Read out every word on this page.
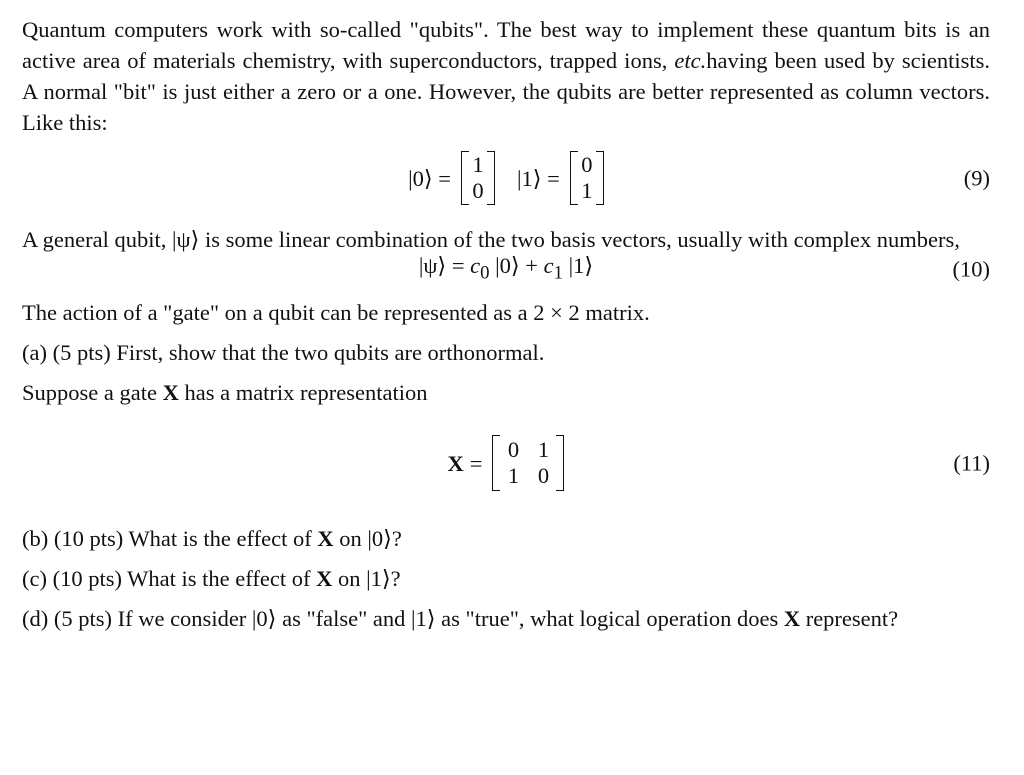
Quantum computers work with so-called "qubits". The best way to implement these quantum bits is an active area of materials chemistry, with superconductors, trapped ions, etc.having been used by scientists. A normal "bit" is just either a zero or a one. However, the qubits are better represented as column vectors. Like this:

|0⟩ =
1
0 |1⟩ =
0
1	(9)

A general qubit, |ψ⟩ is some linear combination of the two basis vectors, usually with complex numbers,

|ψ⟩ = $c_0$ |0⟩ + $c_1$ |1⟩	(10)

The action of a "gate" on a qubit can be represented as a 2 × 2 matrix.

(a) (5 pts) First, show that the two qubits are orthonormal.

Suppose a gate X has a matrix representation

X =
0 1
1 0	(11)

(b) (10 pts) What is the effect of X on |0⟩?

(c) (10 pts) What is the effect of X on |1⟩?

(d) (5 pts) If we consider |0⟩ as "false" and |1⟩ as "true", what logical operation does X represent?
